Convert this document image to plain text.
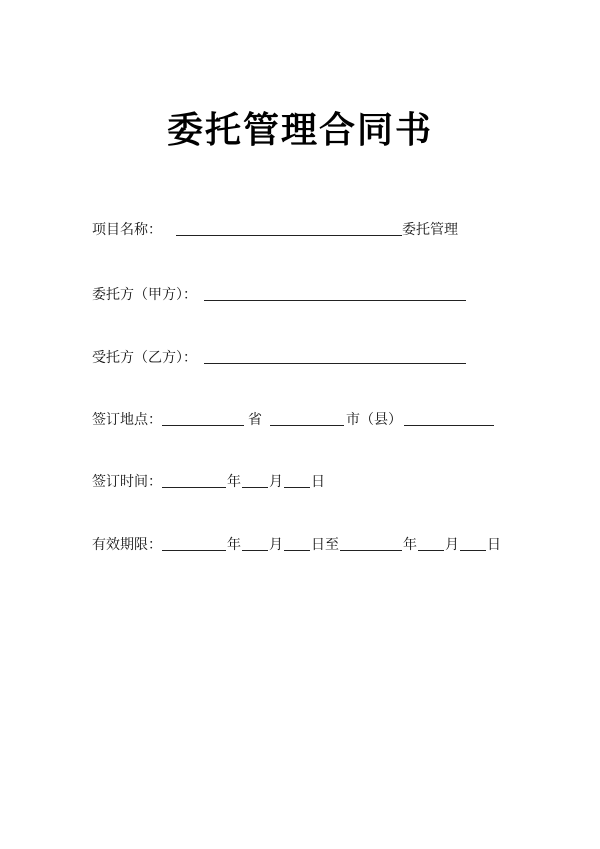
委托管理合同书
项目名称：	委托管理
委托方（甲方）：
受托方（乙方）：
签订地点：	省	市（县）
签订时间：	年 月 日
有效期限：	年 月 日至	年 月 日
